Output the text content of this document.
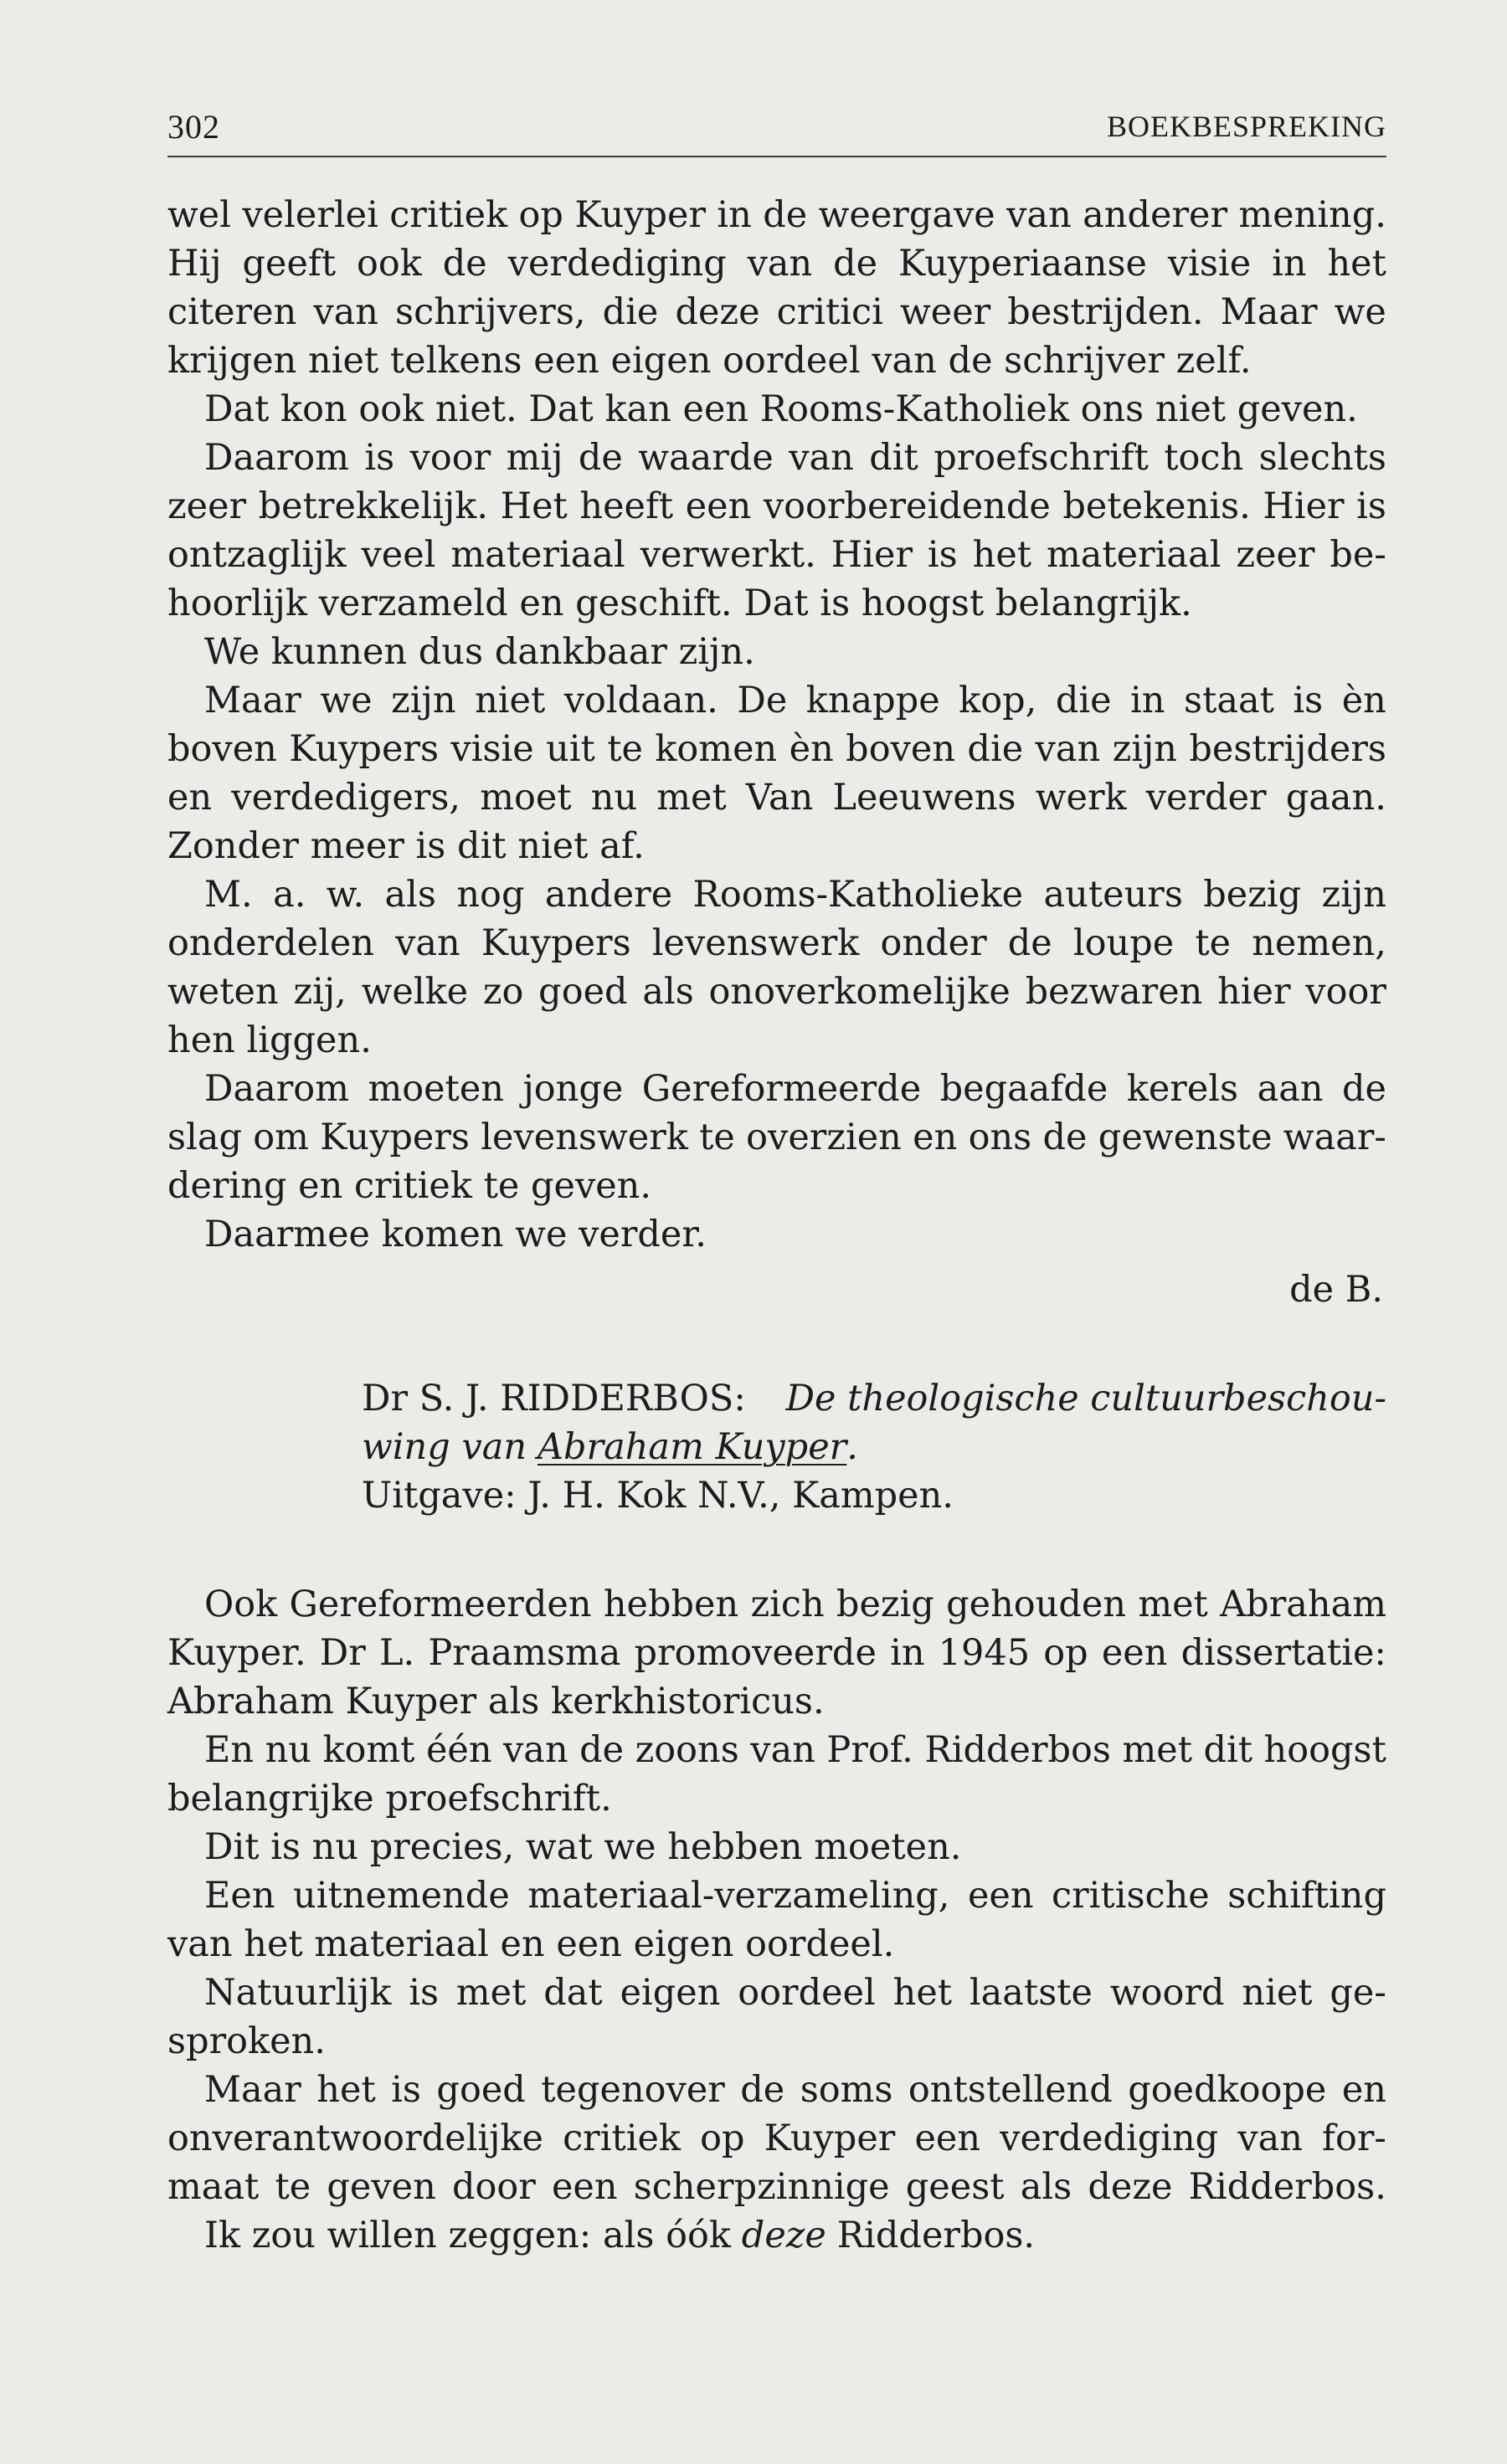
302	BOEKBESPREKING
wel velerlei critiek op Kuyper in de weergave van anderer mening.
Hij geeft ook de verdediging van de Kuyperiaanse visie in het
citeren van schrijvers, die deze critici weer bestrijden. Maar we
krijgen niet telkens een eigen oordeel van de schrijver zelf.
Dat kon ook niet. Dat kan een Rooms-Katholiek ons niet geven.
Daarom is voor mij de waarde van dit proefschrift toch slechts
zeer betrekkelijk. Het heeft een voorbereidende betekenis. Hier is
ontzaglijk veel materiaal verwerkt. Hier is het materiaal zeer be-
hoorlijk verzameld en geschift. Dat is hoogst belangrijk.
We kunnen dus dankbaar zijn.
Maar we zijn niet voldaan. De knappe kop, die in staat is èn
boven Kuypers visie uit te komen èn boven die van zijn bestrijders
en verdedigers, moet nu met Van Leeuwens werk verder gaan.
Zonder meer is dit niet af.
M. a. w. als nog andere Rooms-Katholieke auteurs bezig zijn
onderdelen van Kuypers levenswerk onder de loupe te nemen,
weten zij, welke zo goed als onoverkomelijke bezwaren hier voor
hen liggen.
Daarom moeten jonge Gereformeerde begaafde kerels aan de
slag om Kuypers levenswerk te overzien en ons de gewenste waar-
dering en critiek te geven.
Daarmee komen we verder.
de B.
Dr S. J. RIDDERBOS: De theologische cultuurbeschou-
wing van Abraham Kuyper .
Uitgave: J. H. Kok N.V., Kampen.
Ook Gereformeerden hebben zich bezig gehouden met Abraham
Kuyper. Dr L. Praamsma promoveerde in 1945 op een dissertatie:
Abraham Kuyper als kerkhistoricus.
En nu komt één van de zoons van Prof. Ridderbos met dit hoogst
belangrijke proefschrift.
Dit is nu precies, wat we hebben moeten.
Een uitnemende materiaal-verzameling, een critische schifting
van het materiaal en een eigen oordeel.
Natuurlijk is met dat eigen oordeel het laatste woord niet ge-
sproken.
Maar het is goed tegenover de soms ontstellend goedkoope en
onverantwoordelijke critiek op Kuyper een verdediging van for-
maat te geven door een scherpzinnige geest als deze Ridderbos.
Ik zou willen zeggen: als óók deze Ridderbos.
